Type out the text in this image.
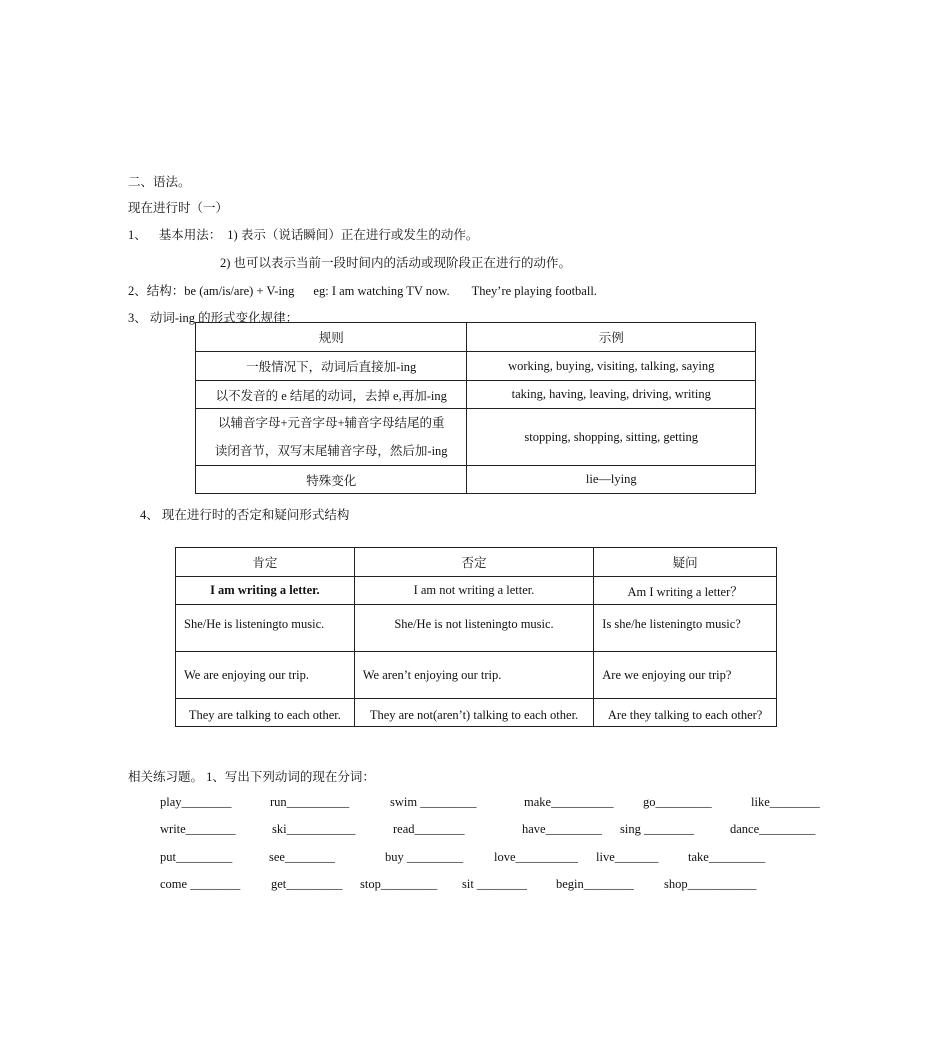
二、语法。
现在进行时（一）
1、 基本用法： 1) 表示（说话瞬间）正在进行或发生的动作。
2) 也可以表示当前一段时间内的活动或现阶段正在进行的动作。
2、结构：be (am/is/are) + V-ing eg: I am watching TV now. They’re playing football.
3、 动词-ing 的形式变化规律：
规则	示例
一般情况下，动词后直接加-ing	working, buying, visiting, talking, saying
以不发音的 e 结尾的动词，去掉 e,再加-ing	taking, having, leaving, driving, writing

以辅音字母+元音字母+辅音字母结尾的重
读闭音节，双写末尾辅音字母，然后加-ing	stopping, shopping, sitting, getting
特殊变化	lie—lying
4、 现在进行时的否定和疑问形式结构
肯定	否定	疑问
I am writing a letter.	I am not writing a letter.	Am I writing a letter？
She/He is listeningto music.	She/He is not listeningto music.	Is she/he listeningto music?
We are enjoying our trip.	We aren’t enjoying our trip.	Are we enjoying our trip?
They are talking to each other.	They are not(aren’t) talking to each other.	Are they talking to each other?
相关练习题。 1、写出下列动词的现在分词：
play________	run__________	swim _________	make__________ go_________	like________
write________	ski___________	read________	have_________ sing ________	dance_________
put_________	see________	buy _________ love__________ live_______ take_________
come ________ get_________ stop_________ sit ________ begin________ shop___________
